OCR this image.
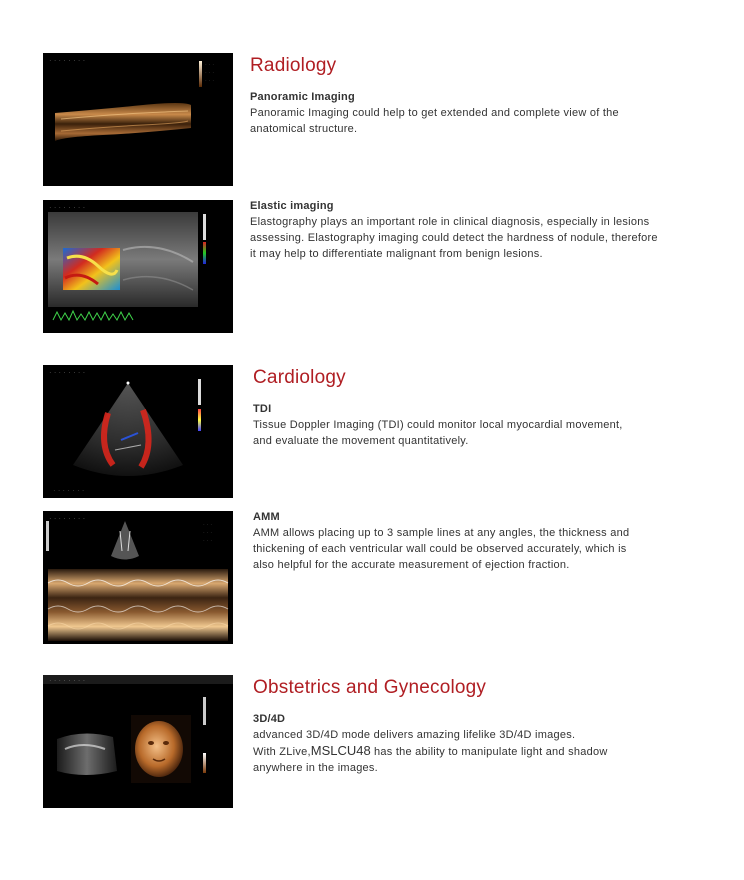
. . . . . . . .
. . .
. . .
. . .
Radiology
Panoramic Imaging

Panoramic Imaging could help to get extended and complete view of the

anatomical structure.

. . . . . . . .	Elastic imaging

Elastography plays an important role in clinical diagnosis, especially in lesions

assessing. Elastography imaging could detect the hardness of nodule, therefore

it may help to differentiate malignant from benign lesions.

. . . . . . . .
. . . . . . .
Cardiology
TDI

Tissue Doppler Imaging (TDI) could monitor local myocardial movement,

and evaluate the movement quantitatively.

. . . . . . . .
. . .
. . .
. . .
AMM

AMM allows placing up to 3 sample lines at any angles, the thickness and

thickening of each ventricular wall could be observed accurately, which is

also helpful for the accurate measurement of ejection fraction.

. . . . . . . .	Obstetrics and Gynecology
3D/4D

advanced 3D/4D mode delivers amazing lifelike 3D/4D images.

With ZLive,MSLCU48 has the ability to manipulate light and shadow

anywhere in the images.
